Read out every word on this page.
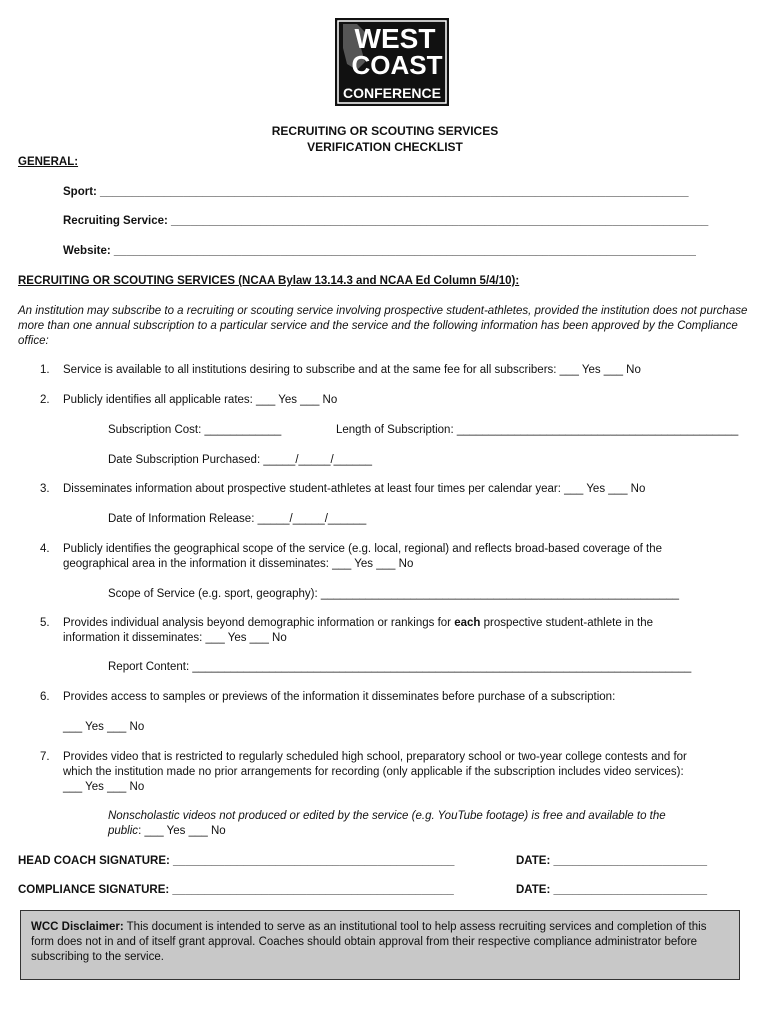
WEST
COAST
CONFERENCE
RECRUITING OR SCOUTING SERVICES
VERIFICATION CHECKLIST
GENERAL:
Sport: ____________________________________________________________________________________________
Recruiting Service: ____________________________________________________________________________________
Website: ___________________________________________________________________________________________
RECRUITING OR SCOUTING SERVICES (NCAA Bylaw 13.14.3 and NCAA Ed Column 5/4/10):
An institution may subscribe to a recruiting or scouting service involving prospective student-athletes, provided the institution does not purchase more than one annual subscription to a particular service and the service and the following information has been approved by the Compliance office:
1. Service is available to all institutions desiring to subscribe and at the same fee for all subscribers: ___ Yes ___ No
2. Publicly identifies all applicable rates: ___ Yes ___ No
Subscription Cost: ____________	Length of Subscription: ____________________________________________
Date Subscription Purchased: _____/_____/______
3. Disseminates information about prospective student-athletes at least four times per calendar year: ___ Yes ___ No
Date of Information Release: _____/_____/______
4. Publicly identifies the geographical scope of the service (e.g. local, regional) and reflects broad-based coverage of the
geographical area in the information it disseminates: ___ Yes ___ No
Scope of Service (e.g. sport, geography): ________________________________________________________
5. Provides individual analysis beyond demographic information or rankings for each prospective student-athlete in the
information it disseminates: ___ Yes ___ No
Report Content: ______________________________________________________________________________
6. Provides access to samples or previews of the information it disseminates before purchase of a subscription:
___ Yes ___ No
7. Provides video that is restricted to regularly scheduled high school, preparatory school or two-year college contests and for
which the institution made no prior arrangements for recording (only applicable if the subscription includes video services):
___ Yes ___ No
Nonscholastic videos not produced or edited by the service (e.g. YouTube footage) is free and available to the
public: ___ Yes ___ No
HEAD COACH SIGNATURE: ____________________________________________	DATE: ________________________
COMPLIANCE SIGNATURE: ____________________________________________	DATE: ________________________
WCC Disclaimer: This document is intended to serve as an institutional tool to help assess recruiting services and completion of this form does not in and of itself grant approval. Coaches should obtain approval from their respective compliance administrator before subscribing to the service.
